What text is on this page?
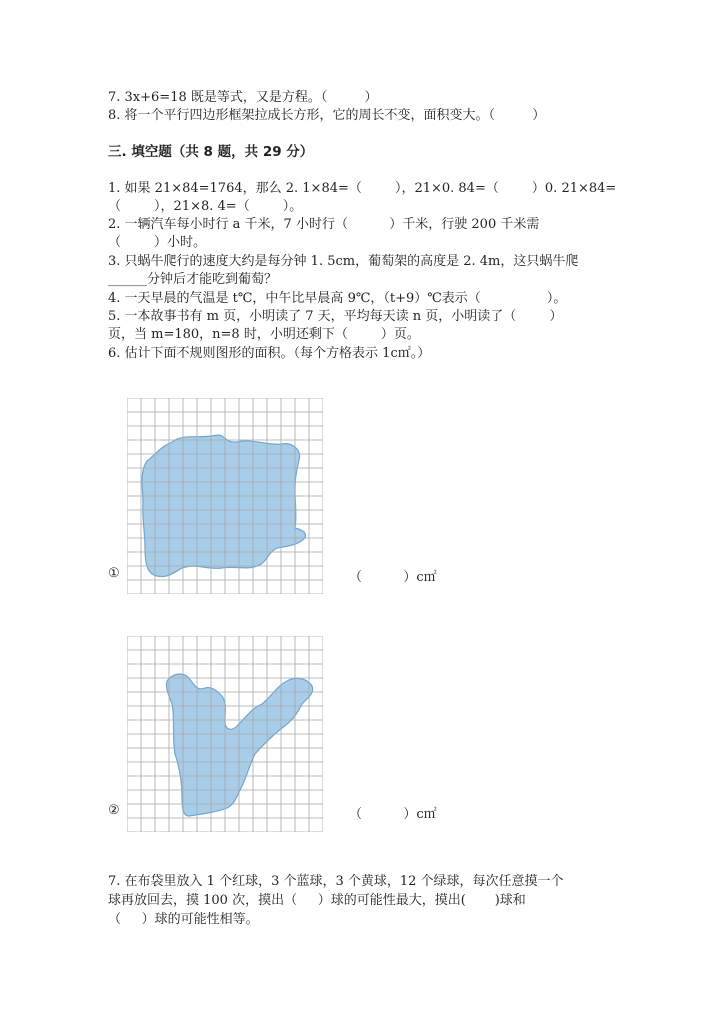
7. 3x+6=18 既是等式，又是方程。（         ）
8. 将一个平行四边形框架拉成长方形，它的周长不变，面积变大。（         ）
三. 填空题（共 8 题，共 29 分）
1. 如果 21×84=1764，那么 2. 1×84=（        ），21×0. 84=（        ）0. 21×84=
（        ），21×8. 4=（        ）。
2. 一辆汽车每小时行 a 千米，7 小时行（          ）千米，行驶 200 千米需
（        ）小时。
3. 只蜗牛爬行的速度大约是每分钟 1. 5cm，葡萄架的高度是 2. 4m，这只蜗牛爬
______分钟后才能吃到葡萄？
4. 一天早晨的气温是 t℃，中午比早晨高 9℃，（t+9）℃表示（                ）。
5. 一本故事书有 m 页，小明读了 7 天，平均每天读 n 页，小明读了（        ）
页，当 m=180，n=8 时，小明还剩下（        ）页。
6. 估计下面不规则图形的面积。（每个方格表示 1c㎡。）
①	（          ）c㎡
②	（          ）c㎡
7. 在布袋里放入 1 个红球，3 个蓝球，3 个黄球，12 个绿球，每次任意摸一个
球再放回去，摸 100 次，摸出（     ）球的可能性最大，摸出(       )球和
（     ）球的可能性相等。
